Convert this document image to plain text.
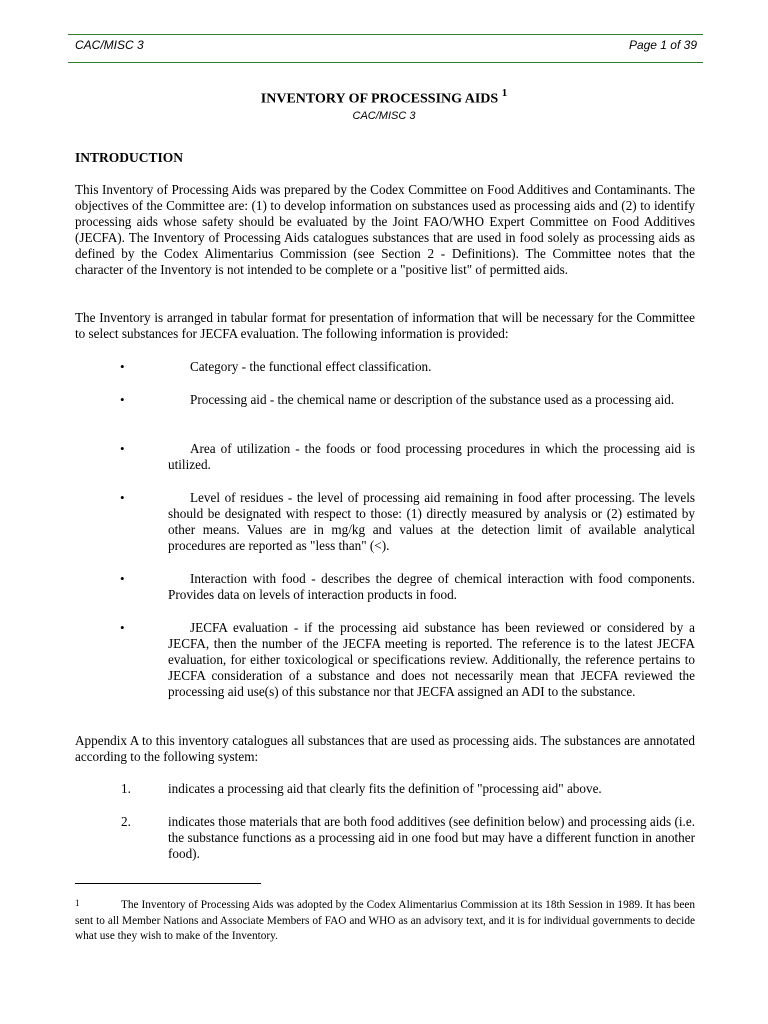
CAC/MISC 3	Page 1 of 39
INVENTORY OF PROCESSING AIDS $^1$
CAC/MISC 3
INTRODUCTION
This Inventory of Processing Aids was prepared by the Codex Committee on Food Additives and Contaminants. The objectives of the Committee are: (1) to develop information on substances used as processing aids and (2) to identify processing aids whose safety should be evaluated by the Joint FAO/WHO Expert Committee on Food Additives (JECFA). The Inventory of Processing Aids catalogues substances that are used in food solely as processing aids as defined by the Codex Alimentarius Commission (see Section 2 - Definitions). The Committee notes that the character of the Inventory is not intended to be complete or a "positive list" of permitted aids.
The Inventory is arranged in tabular format for presentation of information that will be necessary for the Committee to select substances for JECFA evaluation. The following information is provided:
•	Category - the functional effect classification.
•	Processing aid - the chemical name or description of the substance used as a processing aid.
•	Area of utilization - the foods or food processing procedures in which the processing aid is utilized.
•	Level of residues - the level of processing aid remaining in food after processing. The levels should be designated with respect to those: (1) directly measured by analysis or (2) estimated by other means. Values are in mg/kg and values at the detection limit of available analytical procedures are reported as "less than" (<).
•	Interaction with food - describes the degree of chemical interaction with food components. Provides data on levels of interaction products in food.
•	JECFA evaluation - if the processing aid substance has been reviewed or considered by a JECFA, then the number of the JECFA meeting is reported. The reference is to the latest JECFA evaluation, for either toxicological or specifications review. Additionally, the reference pertains to JECFA consideration of a substance and does not necessarily mean that JECFA reviewed the processing aid use(s) of this substance nor that JECFA assigned an ADI to the substance.
Appendix A to this inventory catalogues all substances that are used as processing aids. The substances are annotated according to the following system:
1.	indicates a processing aid that clearly fits the definition of "processing aid" above.
2.	indicates those materials that are both food additives (see definition below) and processing aids (i.e. the substance functions as a processing aid in one food but may have a different function in another food).
1	The Inventory of Processing Aids was adopted by the Codex Alimentarius Commission at its 18th Session in 1989. It has been sent to all Member Nations and Associate Members of FAO and WHO as an advisory text, and it is for individual governments to decide what use they wish to make of the Inventory.
